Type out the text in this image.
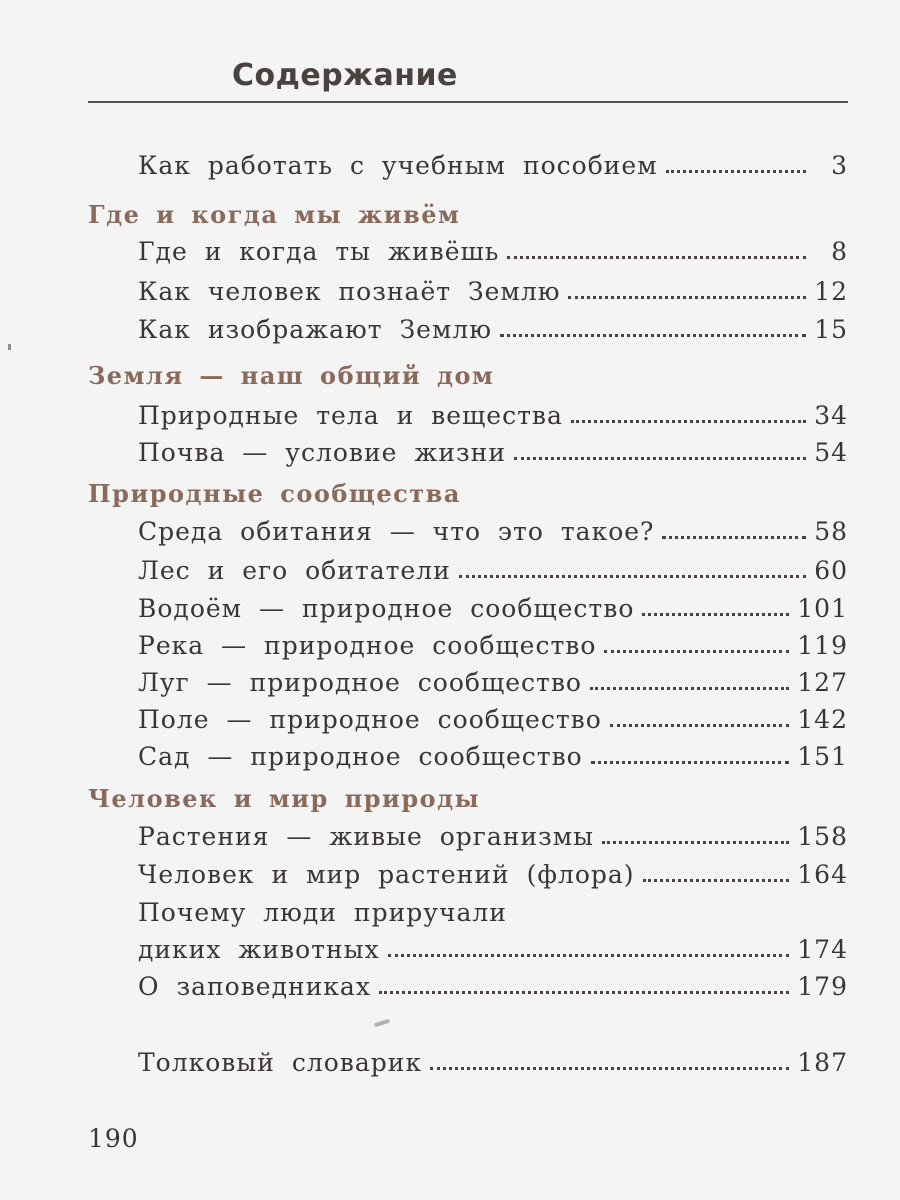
Содержание
Как работать с учебным пособием	3
Где и когда мы живём
Где и когда ты живёшь	8
Как человек познаёт Землю	12
Как изображают Землю	15
Земля — наш общий дом
Природные тела и вещества	34
Почва — условие жизни	54
Природные сообщества
Среда обитания — что это такое?	58
Лес и его обитатели	60
Водоём — природное сообщество	101
Река — природное сообщество	119
Луг — природное сообщество	127
Поле — природное сообщество	142
Сад — природное сообщество	151
Человек и мир природы
Растения — живые организмы	158
Человек и мир растений (флора)	164
Почему люди приручали
диких животных	174
О заповедниках	179
Толковый словарик	187
190
